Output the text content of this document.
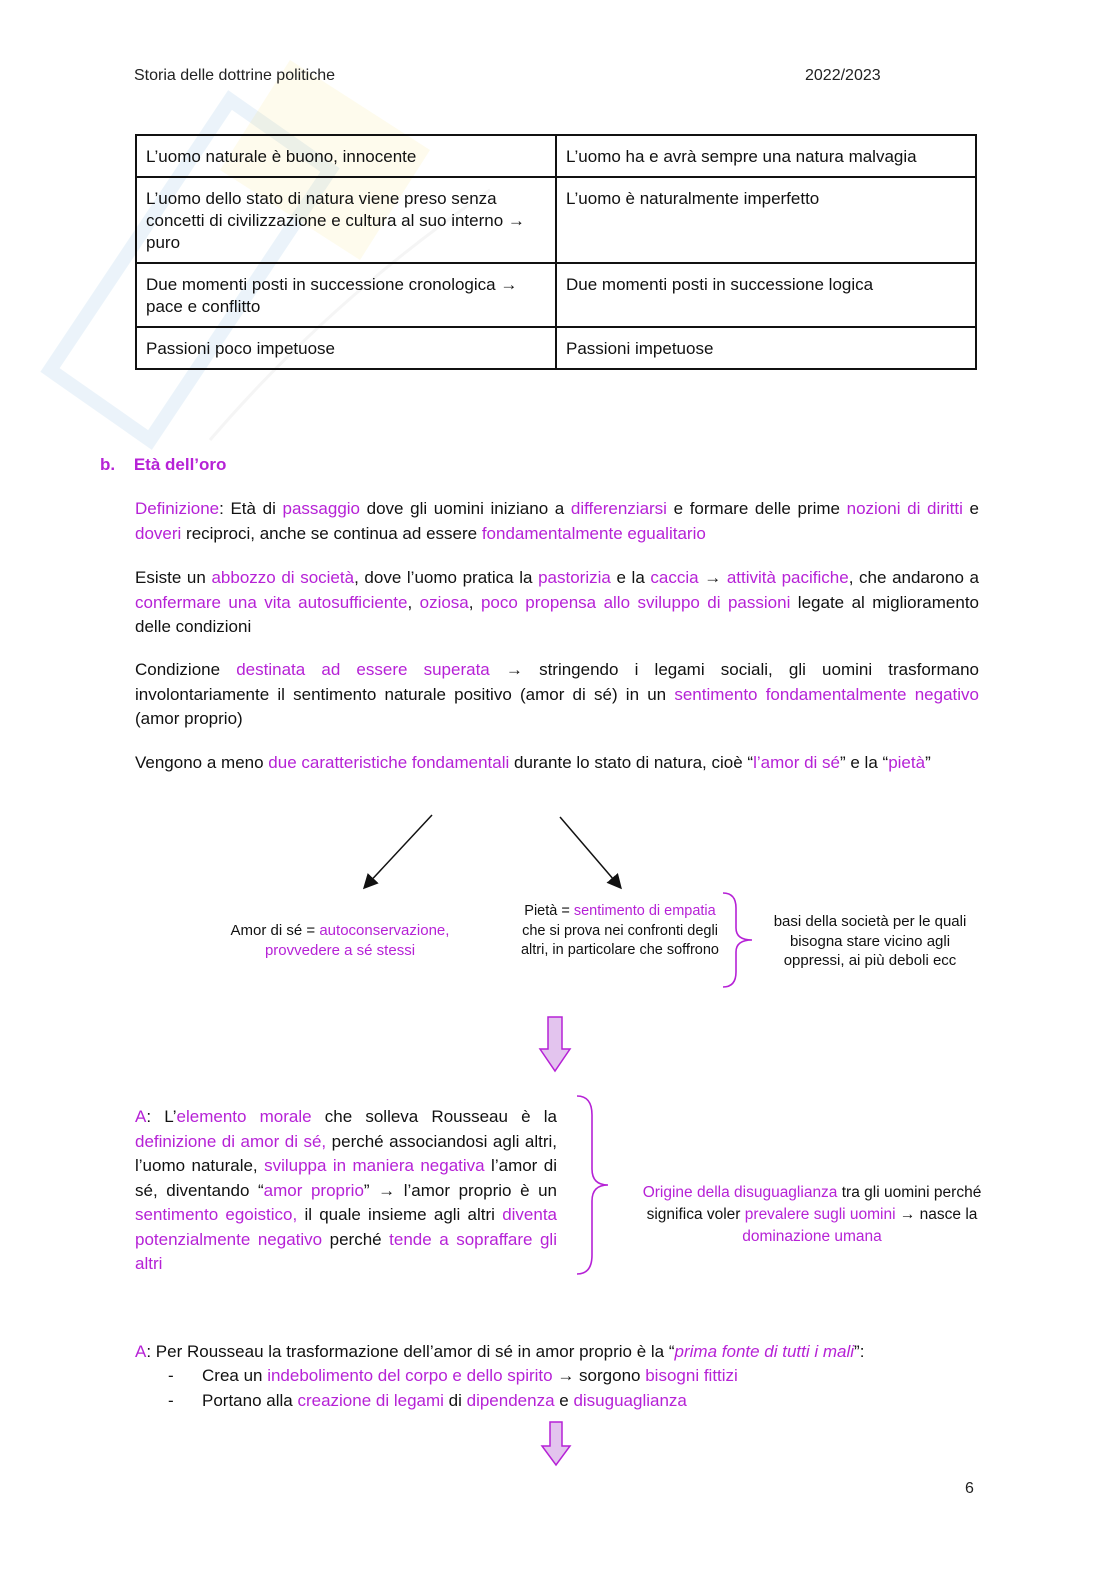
Storia delle dottrine politiche	2022/2023
L’uomo naturale è buono, innocente	L’uomo ha e avrà sempre una natura malvagia
L’uomo dello stato di natura viene preso senza concetti di civilizzazione e cultura al suo interno → puro	L’uomo è naturalmente imperfetto
Due momenti posti in successione cronologica → pace e conflitto	Due momenti posti in successione logica
Passioni poco impetuose	Passioni impetuose
b. Età dell’oro
Definizione: Età di passaggio dove gli uomini iniziano a differenziarsi e formare delle prime nozioni di diritti e doveri reciproci, anche se continua ad essere fondamentalmente egualitario
Esiste un abbozzo di società, dove l’uomo pratica la pastorizia e la caccia → attività pacifiche, che andarono a confermare una vita autosufficiente, oziosa, poco propensa allo sviluppo di passioni legate al miglioramento delle condizioni
Condizione destinata ad essere superata → stringendo i legami sociali, gli uomini trasformano involontariamente il sentimento naturale positivo (amor di sé) in un sentimento fondamentalmente negativo (amor proprio)
Vengono a meno due caratteristiche fondamentali durante lo stato di natura, cioè “l’amor di sé” e la “pietà”
Amor di sé = autoconservazione, provvedere a sé stessi
Pietà = sentimento di empatia che si prova nei confronti degli altri, in particolare che soffrono
basi della società per le quali bisogna stare vicino agli oppressi, ai più deboli ecc
A: L’elemento morale che solleva Rousseau è la definizione di amor di sé, perché associandosi agli altri, l’uomo naturale, sviluppa in maniera negativa l’amor di sé, diventando “amor proprio” → l’amor proprio è un sentimento egoistico, il quale insieme agli altri diventa potenzialmente negativo perché tende a sopraffare gli altri
Origine della disuguaglianza tra gli uomini perché significa voler prevalere sugli uomini → nasce la dominazione umana
A: Per Rousseau la trasformazione dell’amor di sé in amor proprio è la “prima fonte di tutti i mali”:
- Crea un indebolimento del corpo e dello spirito → sorgono bisogni fittizi
- Portano alla creazione di legami di dipendenza e disuguaglianza
6
